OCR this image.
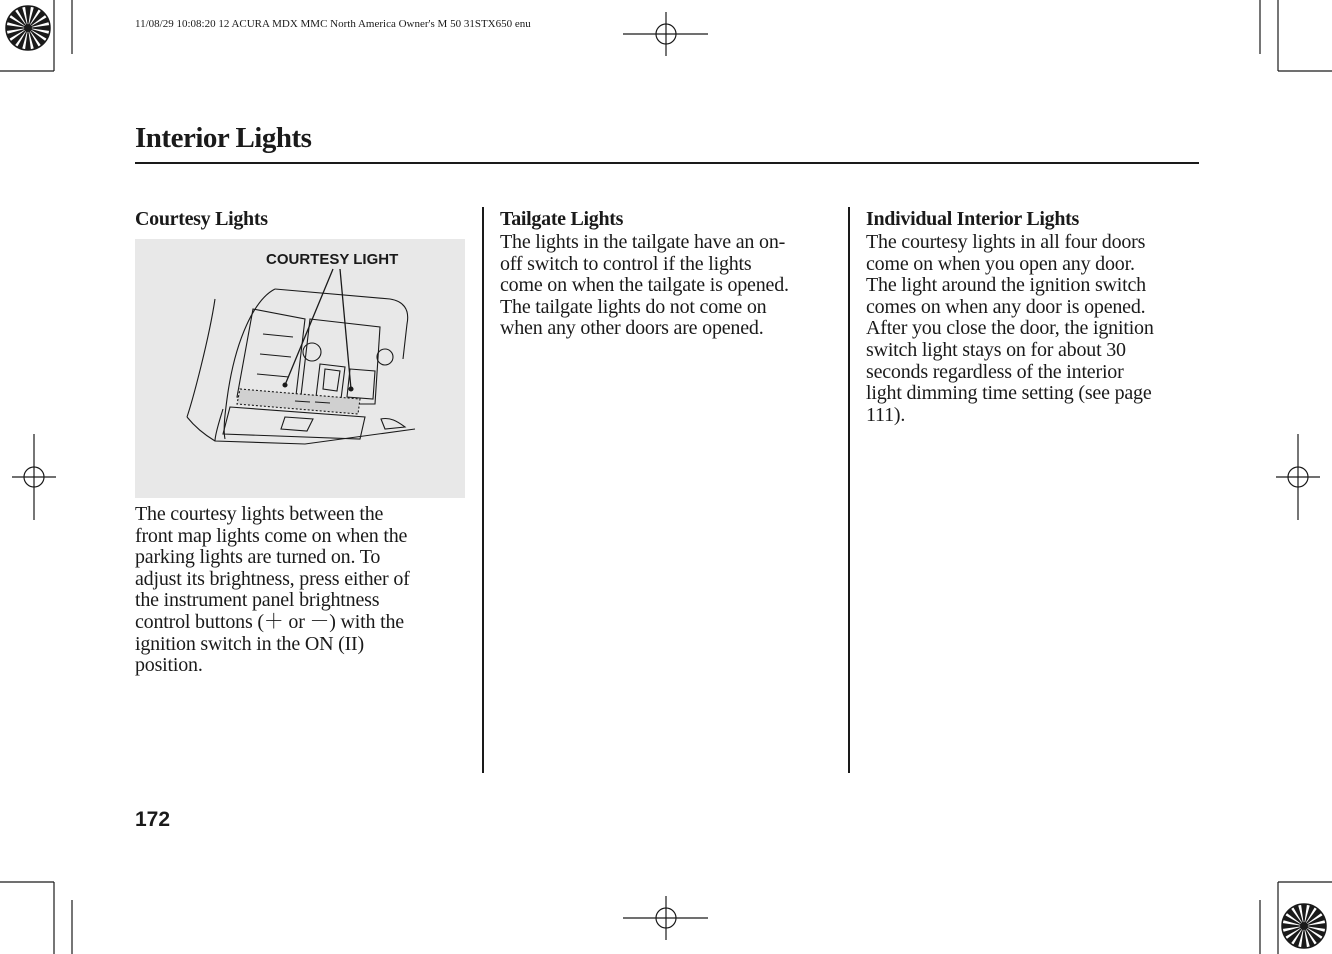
11/08/29 10:08:20 12 ACURA MDX MMC North America Owner's M 50 31STX650 enu
Interior Lights
Courtesy Lights
COURTESY LIGHT

The courtesy lights between the

front map lights come on when the

parking lights are turned on. To

adjust its brightness, press either of

the instrument panel brightness

control buttons (＋ or －) with the

ignition switch in the ON (II)

position.

Tailgate Lights

The lights in the tailgate have an on-

off switch to control if the lights

come on when the tailgate is opened.

The tailgate lights do not come on

when any other doors are opened.

Individual Interior Lights

The courtesy lights in all four doors

come on when you open any door.

The light around the ignition switch

comes on when any door is opened.

After you close the door, the ignition

switch light stays on for about 30

seconds regardless of the interior

light dimming time setting (see page

111).

172
